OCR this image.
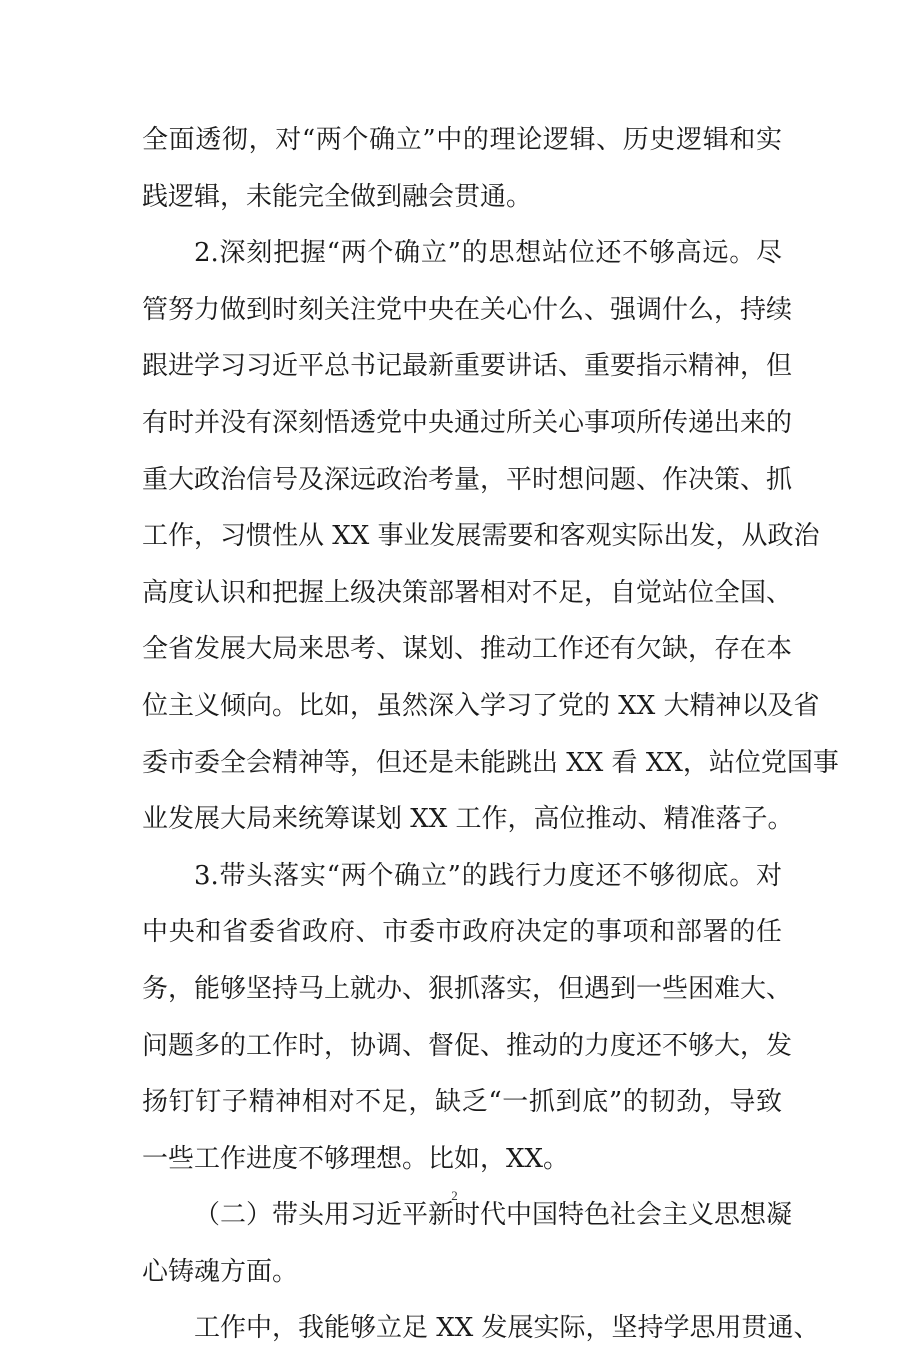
全面透彻，对“两个确立”中的理论逻辑、历史逻辑和实
践逻辑，未能完全做到融会贯通。
2.深刻把握“两个确立”的思想站位还不够高远。尽
管努力做到时刻关注党中央在关心什么、强调什么，持续
跟进学习习近平总书记最新重要讲话、重要指示精神，但
有时并没有深刻悟透党中央通过所关心事项所传递出来的
重大政治信号及深远政治考量，平时想问题、作决策、抓
工作，习惯性从 XX 事业发展需要和客观实际出发，从政治
高度认识和把握上级决策部署相对不足，自觉站位全国、
全省发展大局来思考、谋划、推动工作还有欠缺，存在本
位主义倾向。比如，虽然深入学习了党的 XX 大精神以及省
委市委全会精神等，但还是未能跳出 XX 看 XX，站位党国事
业发展大局来统筹谋划 XX 工作，高位推动、精准落子。
3.带头落实“两个确立”的践行力度还不够彻底。对
中央和省委省政府、市委市政府决定的事项和部署的任
务，能够坚持马上就办、狠抓落实，但遇到一些困难大、
问题多的工作时，协调、督促、推动的力度还不够大，发
扬钉钉子精神相对不足，缺乏“一抓到底”的韧劲，导致
一些工作进度不够理想。比如，XX。
（二）带头用习近平新时代中国特色社会主义思想凝
心铸魂方面。
工作中，我能够立足 XX 发展实际，坚持学思用贯通、
2
